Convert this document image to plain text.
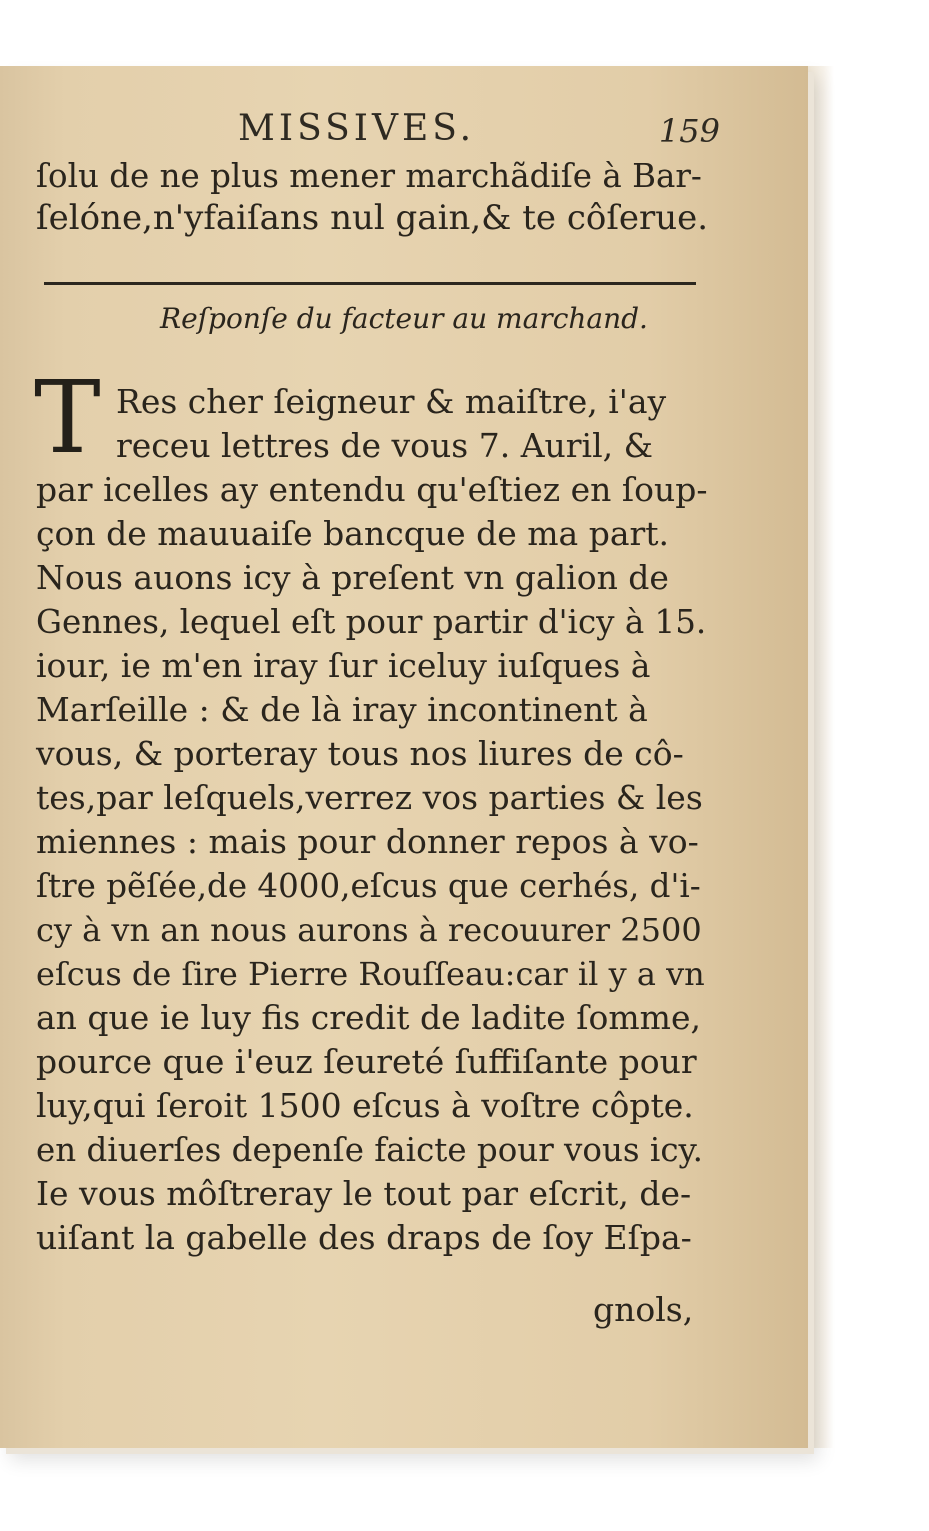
MISSIVES.	159
ſolu de ne plus mener marchãdiſe à Bar-
ſelóne,n'yfaiſans nul gain,& te côſerue.
Reſponſe du facteur au marchand.
T Res cher ſeigneur & maiſtre, i'ay
receu lettres de vous 7. Auril, &
par icelles ay entendu qu'eſtiez en ſoup-
çon de mauuaiſe bancque de ma part.
Nous auons icy à preſent vn galion de
Gennes, lequel eſt pour partir d'icy à 15.
iour, ie m'en iray ſur iceluy iuſques à
Marſeille : & de là iray incontinent à
vous, & porteray tous nos liures de cô-
tes,par leſquels,verrez vos parties & les
miennes : mais pour donner repos à vo-
ſtre pẽſée,de 4000,eſcus que cerhés, d'i-
cy à vn an nous aurons à recouurer 2500
eſcus de ſire Pierre Rouſſeau:car il y a vn
an que ie luy fis credit de ladite ſomme,
pource que i'euz ſeureté ſuffiſante pour
luy,qui ſeroit 1500 eſcus à voſtre côpte.
en diuerſes depenſe faicte pour vous icy.
Ie vous môſtreray le tout par eſcrit, de-
uiſant la gabelle des draps de ſoy Eſpa-
gnols,
